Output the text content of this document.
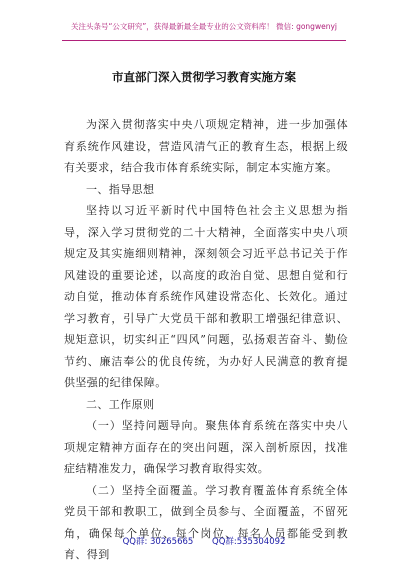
关注头条号“公文研究”，获得最新最全最专业的公文资料库！ 微信: gongwenyj
市直部门深入贯彻学习教育实施方案

为深入贯彻落实中央八项规定精神，进一步加强体育系统作风建设，营造风清气正的教育生态，根据上级有关要求，结合我市体育系统实际，制定本实施方案。

一、指导思想

坚持以习近平新时代中国特色社会主义思想为指导，深入学习贯彻党的二十大精神，全面落实中央八项规定及其实施细则精神，深刻领会习近平总书记关于作风建设的重要论述，以高度的政治自觉、思想自觉和行动自觉，推动体育系统作风建设常态化、长效化。通过学习教育，引导广大党员干部和教职工增强纪律意识、规矩意识，切实纠正“四风”问题，弘扬艰苦奋斗、勤俭节约、廉洁奉公的优良传统，为办好人民满意的教育提供坚强的纪律保障。

二、工作原则

（一）坚持问题导向。聚焦体育系统在落实中央八项规定精神方面存在的突出问题，深入剖析原因，找准症结精准发力，确保学习教育取得实效。

（二）坚持全面覆盖。学习教育覆盖体育系统全体党员干部和教职工，做到全员参与、全面覆盖，不留死角，确保每个单位、每个岗位、每名人员都能受到教育、得到

QQ群: 30265665 QQ群:535304092
